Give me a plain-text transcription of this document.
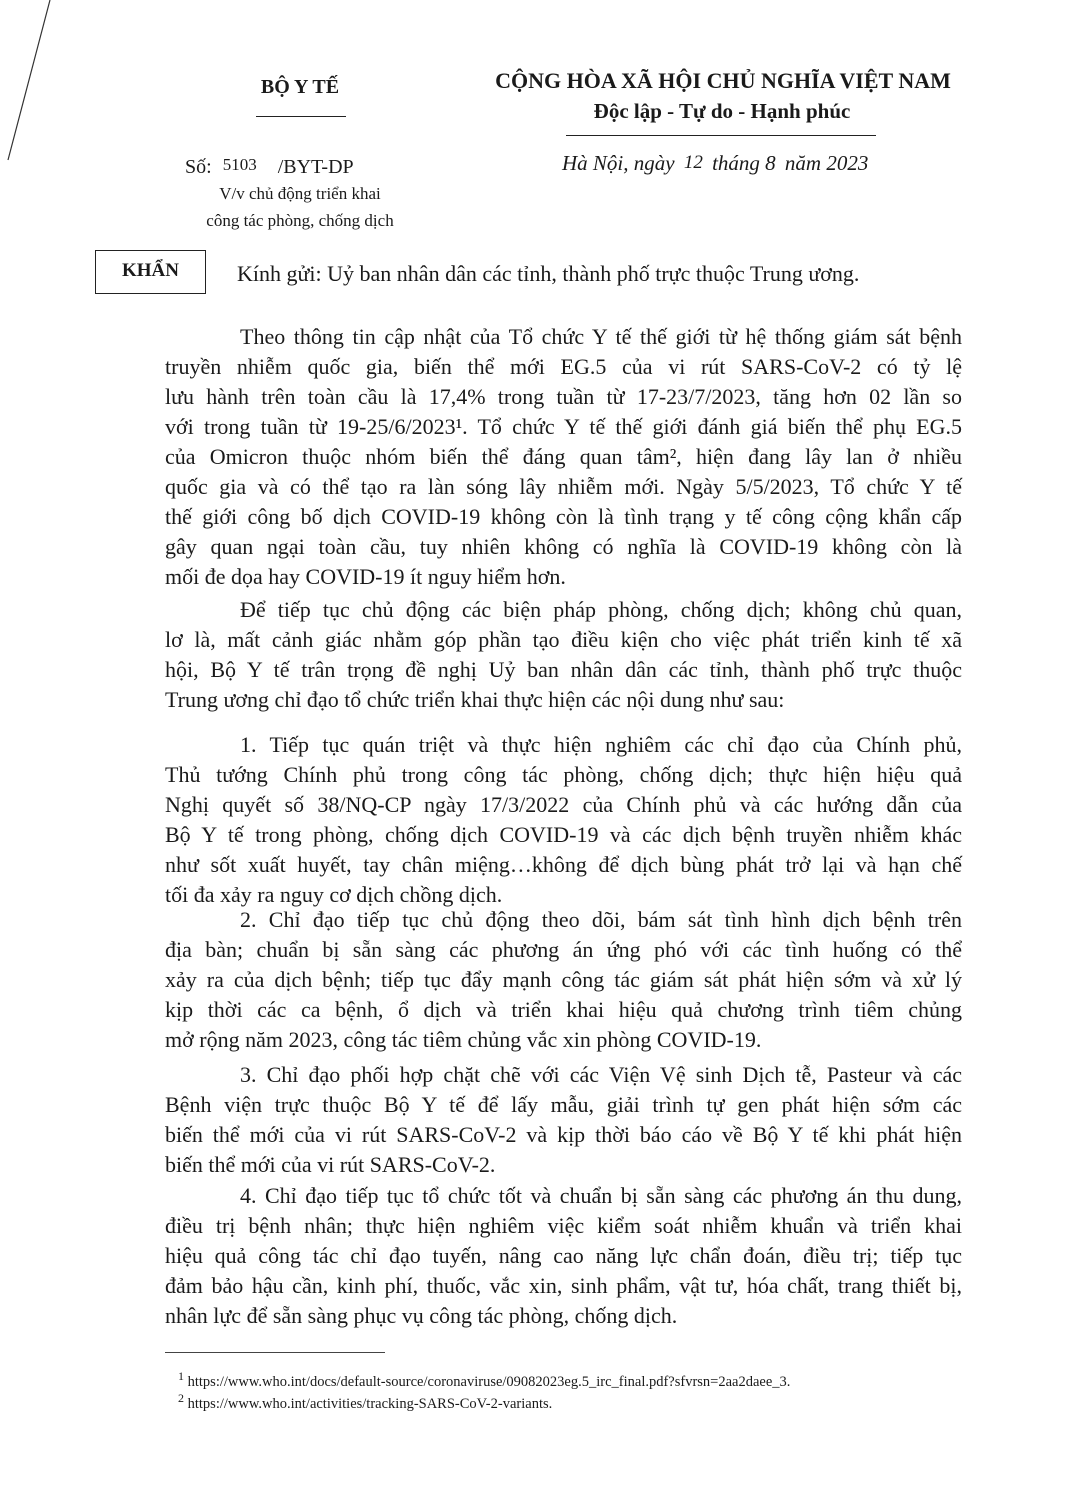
BỘ Y TẾ	CỘNG HÒA XÃ HỘI CHỦ NGHĨA VIỆT NAM
Độc lập - Tự do - Hạnh phúc
Số: 5103 /BYT-DP
V/v chủ động triển khai
công tác phòng, chống dịch
Hà Nội, ngày 12 tháng 8 năm 2023
KHẨN	Kính gửi: Uỷ ban nhân dân các tỉnh, thành phố trực thuộc Trung ương.
Theo thông tin cập nhật của Tổ chức Y tế thế giới từ hệ thống giám sát bệnh
truyền nhiễm quốc gia, biến thể mới EG.5 của vi rút SARS-CoV-2 có tỷ lệ
lưu hành trên toàn cầu là 17,4% trong tuần từ 17-23/7/2023, tăng hơn 02 lần so
với trong tuần từ 19-25/6/2023¹. Tổ chức Y tế thế giới đánh giá biến thể phụ EG.5
của Omicron thuộc nhóm biến thể đáng quan tâm², hiện đang lây lan ở nhiều
quốc gia và có thể tạo ra làn sóng lây nhiễm mới. Ngày 5/5/2023, Tổ chức Y tế
thế giới công bố dịch COVID-19 không còn là tình trạng y tế công cộng khẩn cấp
gây quan ngại toàn cầu, tuy nhiên không có nghĩa là COVID-19 không còn là
mối đe dọa hay COVID-19 ít nguy hiểm hơn.
Để tiếp tục chủ động các biện pháp phòng, chống dịch; không chủ quan,
lơ là, mất cảnh giác nhằm góp phần tạo điều kiện cho việc phát triển kinh tế xã
hội, Bộ Y tế trân trọng đề nghị Uỷ ban nhân dân các tỉnh, thành phố trực thuộc
Trung ương chỉ đạo tổ chức triển khai thực hiện các nội dung như sau:
1. Tiếp tục quán triệt và thực hiện nghiêm các chỉ đạo của Chính phủ,
Thủ tướng Chính phủ trong công tác phòng, chống dịch; thực hiện hiệu quả
Nghị quyết số 38/NQ-CP ngày 17/3/2022 của Chính phủ và các hướng dẫn của
Bộ Y tế trong phòng, chống dịch COVID-19 và các dịch bệnh truyền nhiễm khác
như sốt xuất huyết, tay chân miệng…không để dịch bùng phát trở lại và hạn chế
tối đa xảy ra nguy cơ dịch chồng dịch.
2. Chỉ đạo tiếp tục chủ động theo dõi, bám sát tình hình dịch bệnh trên
địa bàn; chuẩn bị sẵn sàng các phương án ứng phó với các tình huống có thể
xảy ra của dịch bệnh; tiếp tục đẩy mạnh công tác giám sát phát hiện sớm và xử lý
kịp thời các ca bệnh, ổ dịch và triển khai hiệu quả chương trình tiêm chủng
mở rộng năm 2023, công tác tiêm chủng vắc xin phòng COVID-19.
3. Chỉ đạo phối hợp chặt chẽ với các Viện Vệ sinh Dịch tễ, Pasteur và các
Bệnh viện trực thuộc Bộ Y tế để lấy mẫu, giải trình tự gen phát hiện sớm các
biến thể mới của vi rút SARS-CoV-2 và kịp thời báo cáo về Bộ Y tế khi phát hiện
biến thể mới của vi rút SARS-CoV-2.
4. Chỉ đạo tiếp tục tổ chức tốt và chuẩn bị sẵn sàng các phương án thu dung,
điều trị bệnh nhân; thực hiện nghiêm việc kiểm soát nhiễm khuẩn và triển khai
hiệu quả công tác chỉ đạo tuyến, nâng cao năng lực chẩn đoán, điều trị; tiếp tục
đảm bảo hậu cần, kinh phí, thuốc, vắc xin, sinh phẩm, vật tư, hóa chất, trang thiết bị,
nhân lực để sẵn sàng phục vụ công tác phòng, chống dịch.
$^1$ https://www.who.int/docs/default-source/coronaviruse/09082023eg.5_irc_final.pdf?sfvrsn=2aa2daee_3.
$^2$ https://www.who.int/activities/tracking-SARS-CoV-2-variants.
